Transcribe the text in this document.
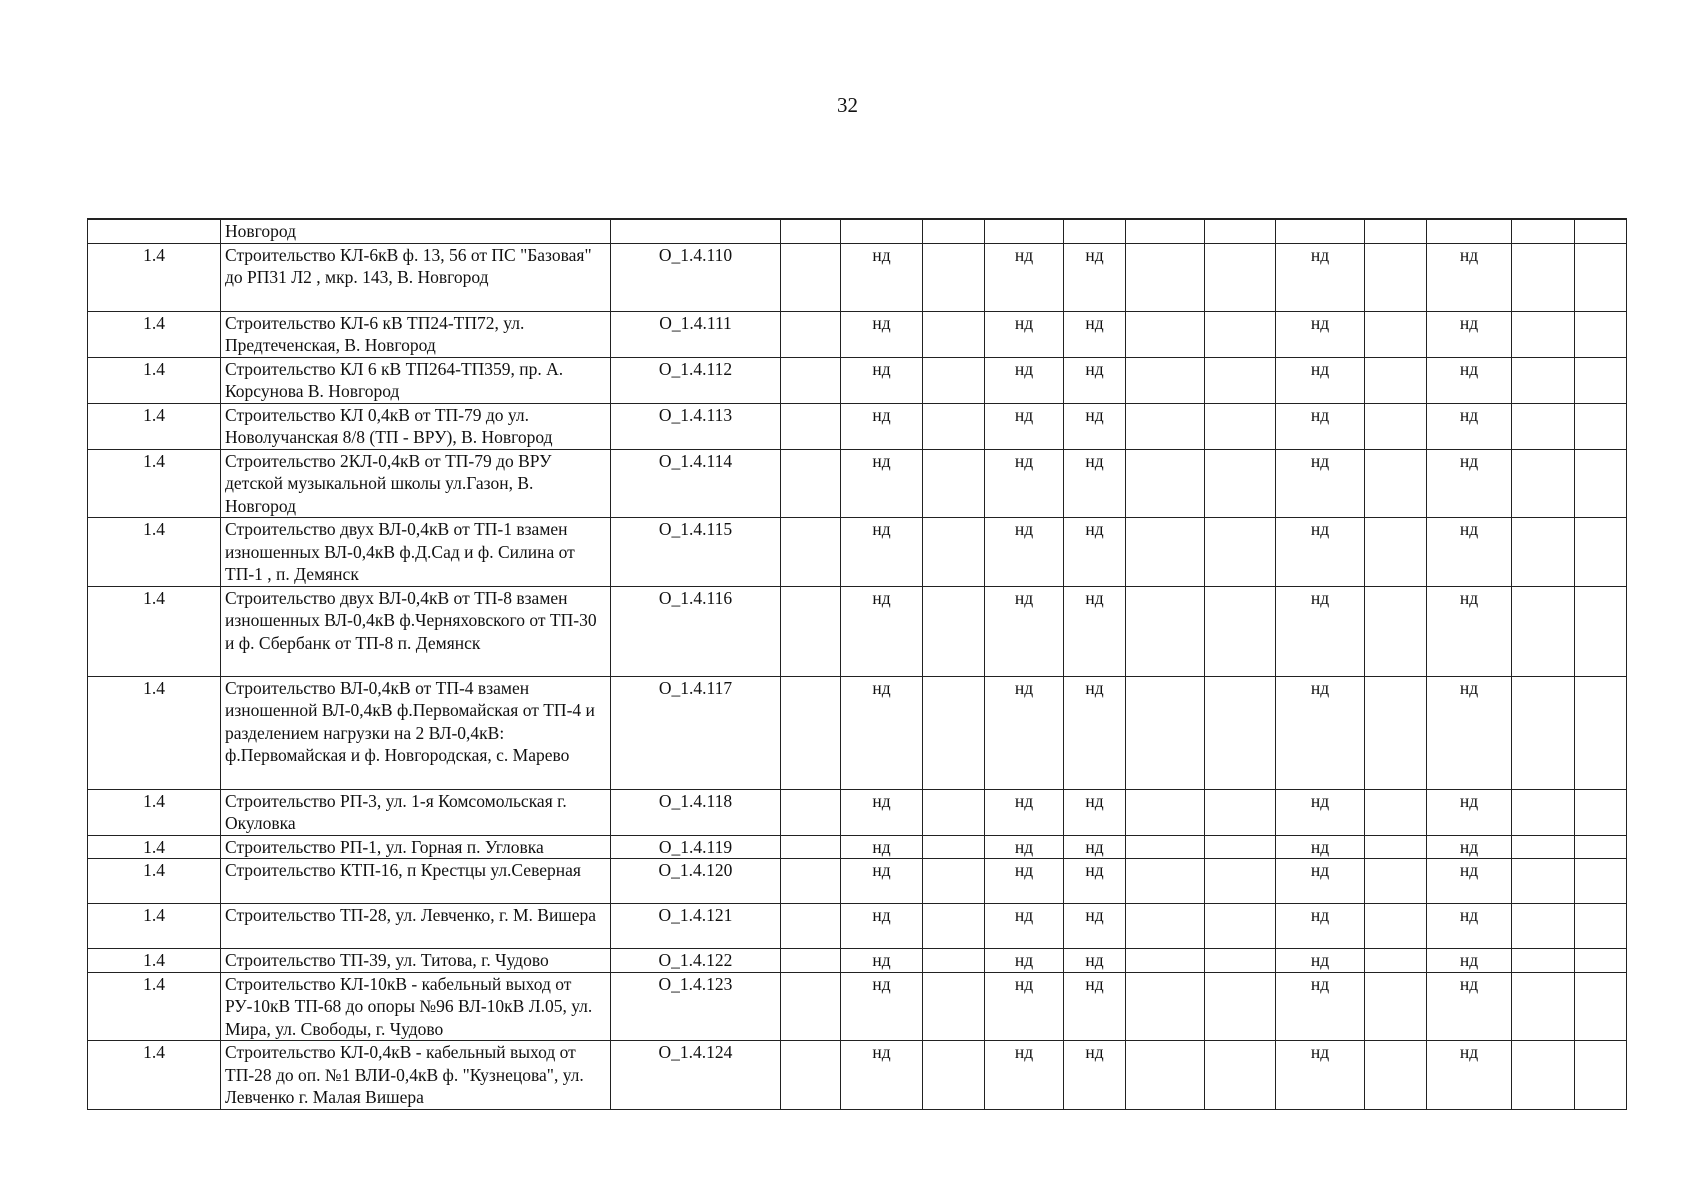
32
	Новгород													
1.4	Строительство КЛ-6кВ ф. 13, 56 от ПС "Базовая" до РП31 Л2 , мкр. 143, В. Новгород	О_1.4.110		нд		нд	нд			нд		нд		
1.4	Строительство КЛ-6 кВ ТП24-ТП72, ул. Предтеченская, В. Новгород	О_1.4.111		нд		нд	нд			нд		нд		
1.4	Строительство КЛ 6 кВ ТП264-ТП359, пр. А. Корсунова В. Новгород	О_1.4.112		нд		нд	нд			нд		нд		
1.4	Строительство КЛ 0,4кВ от ТП-79 до ул. Новолучанская 8/8 (ТП - ВРУ), В. Новгород	О_1.4.113		нд		нд	нд			нд		нд		
1.4	Строительство 2КЛ-0,4кВ от ТП-79 до ВРУ детской музыкальной школы ул.Газон, В. Новгород	О_1.4.114		нд		нд	нд			нд		нд		
1.4	Строительство двух ВЛ-0,4кВ от ТП-1 взамен изношенных ВЛ-0,4кВ ф.Д.Сад и ф. Силина от ТП-1 , п. Демянск	О_1.4.115		нд		нд	нд			нд		нд		
1.4	Строительство двух ВЛ-0,4кВ от ТП-8 взамен изношенных ВЛ-0,4кВ ф.Черняховского от ТП-30 и ф. Сбербанк от ТП-8 п. Демянск	О_1.4.116		нд		нд	нд			нд		нд		
1.4	Строительство ВЛ-0,4кВ от ТП-4 взамен изношенной ВЛ-0,4кВ ф.Первомайская от ТП-4 и разделением нагрузки на 2 ВЛ-0,4кВ: ф.Первомайская и ф. Новгородская, с. Марево	О_1.4.117		нд		нд	нд			нд		нд		
1.4	Строительство РП-3, ул. 1-я Комсомольская г. Окуловка	О_1.4.118		нд		нд	нд			нд		нд		
1.4	Строительство РП-1, ул. Горная п. Угловка	О_1.4.119		нд		нд	нд			нд		нд		
1.4	Строительство КТП-16, п Крестцы ул.Северная	О_1.4.120		нд		нд	нд			нд		нд		
1.4	Строительство ТП-28, ул. Левченко, г. М. Вишера	О_1.4.121		нд		нд	нд			нд		нд		
1.4	Строительство ТП-39, ул. Титова, г. Чудово	О_1.4.122		нд		нд	нд			нд		нд		
1.4	Строительство КЛ-10кВ - кабельный выход от РУ-10кВ ТП-68 до опоры №96 ВЛ-10кВ Л.05, ул. Мира, ул. Свободы, г. Чудово	О_1.4.123		нд		нд	нд			нд		нд		
1.4	Строительство КЛ-0,4кВ - кабельный выход от ТП-28 до оп. №1 ВЛИ-0,4кВ ф. "Кузнецова", ул. Левченко г. Малая Вишера	О_1.4.124		нд		нд	нд			нд		нд		
